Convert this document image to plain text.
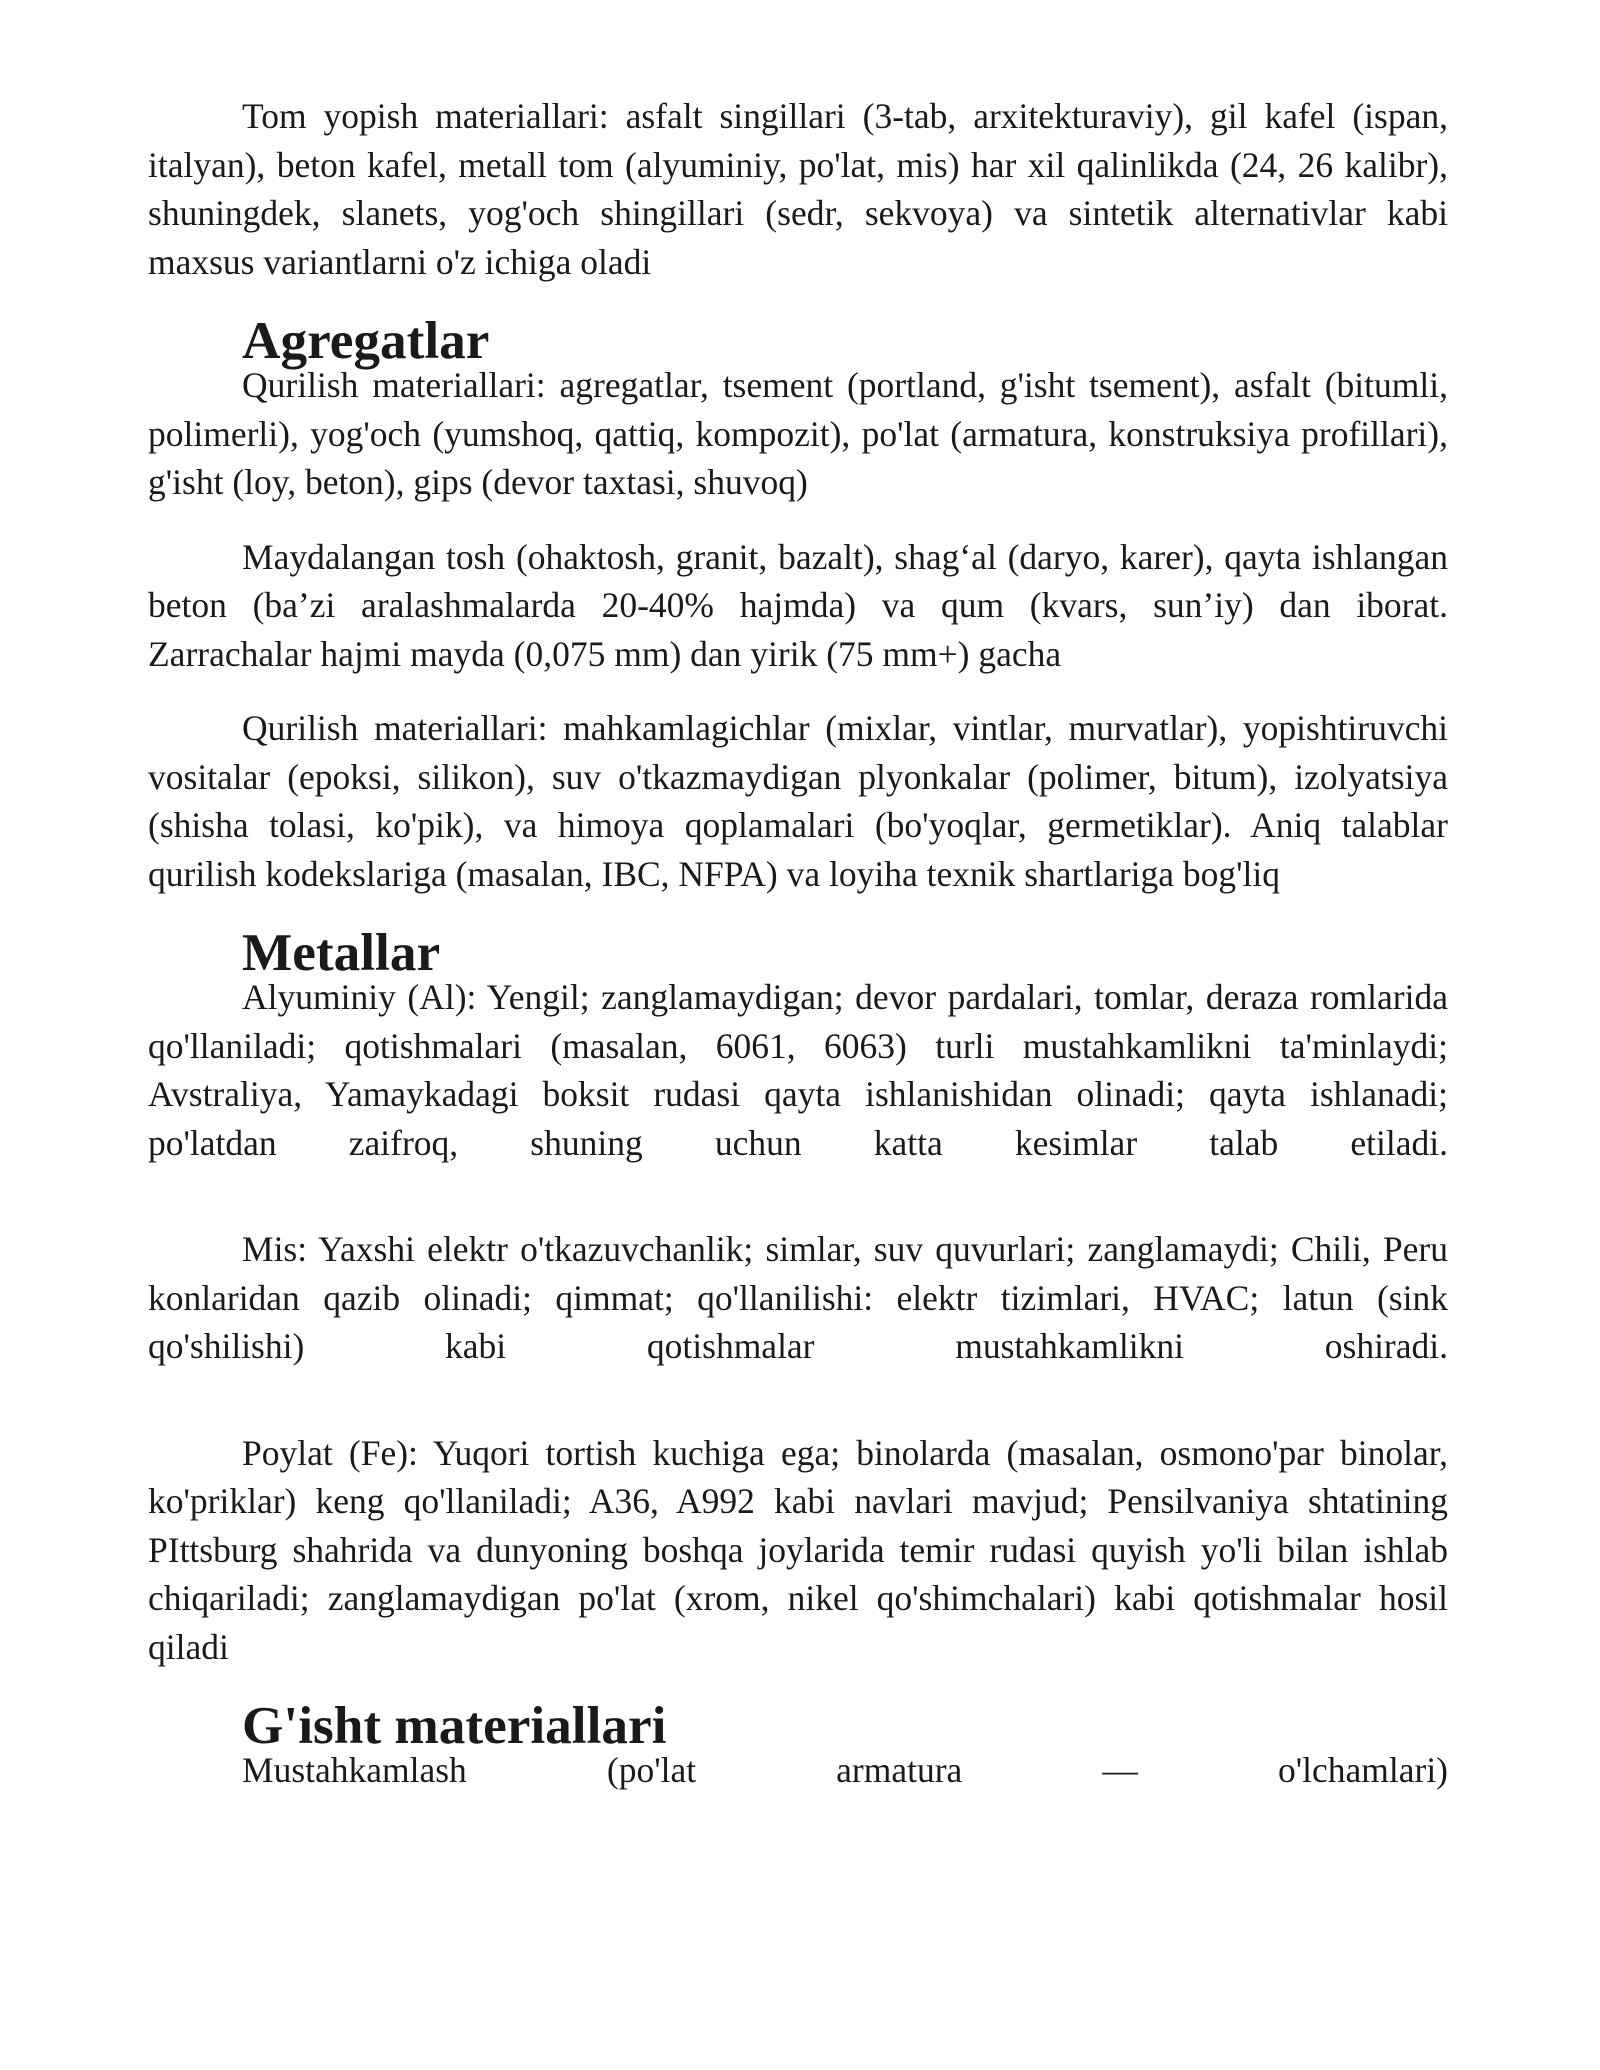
Tom yopish materiallari: asfalt singillari (3-tab, arxitekturaviy), gil kafel (ispan, italyan), beton kafel, metall tom (alyuminiy, po'lat, mis) har xil qalinlikda (24, 26 kalibr), shuningdek, slanets, yog'och shingillari (sedr, sekvoya) va sintetik alternativlar kabi maxsus variantlarni o'z ichiga oladi

Agregatlar

Qurilish materiallari: agregatlar, tsement (portland, g'isht tsement), asfalt (bitumli, polimerli), yog'och (yumshoq, qattiq, kompozit), po'lat (armatura, konstruksiya profillari), g'isht (loy, beton), gips (devor taxtasi, shuvoq)

Maydalangan tosh (ohaktosh, granit, bazalt), shag‘al (daryo, karer), qayta ishlangan beton (ba’zi aralashmalarda 20-40% hajmda) va qum (kvars, sun’iy) dan iborat. Zarrachalar hajmi mayda (0,075 mm) dan yirik (75 mm+) gacha

Qurilish materiallari: mahkamlagichlar (mixlar, vintlar, murvatlar), yopishtiruvchi vositalar (epoksi, silikon), suv o'tkazmaydigan plyonkalar (polimer, bitum), izolyatsiya (shisha tolasi, ko'pik), va himoya qoplamalari (bo'yoqlar, germetiklar). Aniq talablar qurilish kodekslariga (masalan, IBC, NFPA) va loyiha texnik shartlariga bog'liq

Metallar

Alyuminiy (Al): Yengil; zanglamaydigan; devor pardalari, tomlar, deraza romlarida qo'llaniladi; qotishmalari (masalan, 6061, 6063) turli mustahkamlikni ta'minlaydi; Avstraliya, Yamaykadagi boksit rudasi qayta ishlanishidan olinadi; qayta ishlanadi; po'latdan zaifroq, shuning uchun katta kesimlar talab etiladi.

Mis: Yaxshi elektr o'tkazuvchanlik; simlar, suv quvurlari; zanglamaydi; Chili, Peru konlaridan qazib olinadi; qimmat; qo'llanilishi: elektr tizimlari, HVAC; latun (sink qo'shilishi) kabi qotishmalar mustahkamlikni oshiradi.

Poylat (Fe): Yuqori tortish kuchiga ega; binolarda (masalan, osmono'par binolar, ko'priklar) keng qo'llaniladi; A36, A992 kabi navlari mavjud; Pensilvaniya shtatining PIttsburg shahrida va dunyoning boshqa joylarida temir rudasi quyish yo'li bilan ishlab chiqariladi; zanglamaydigan po'lat (xrom, nikel qo'shimchalari) kabi qotishmalar hosil qiladi

G'isht materiallari

Mustahkamlash (po'lat armatura — o'lchamlari)
